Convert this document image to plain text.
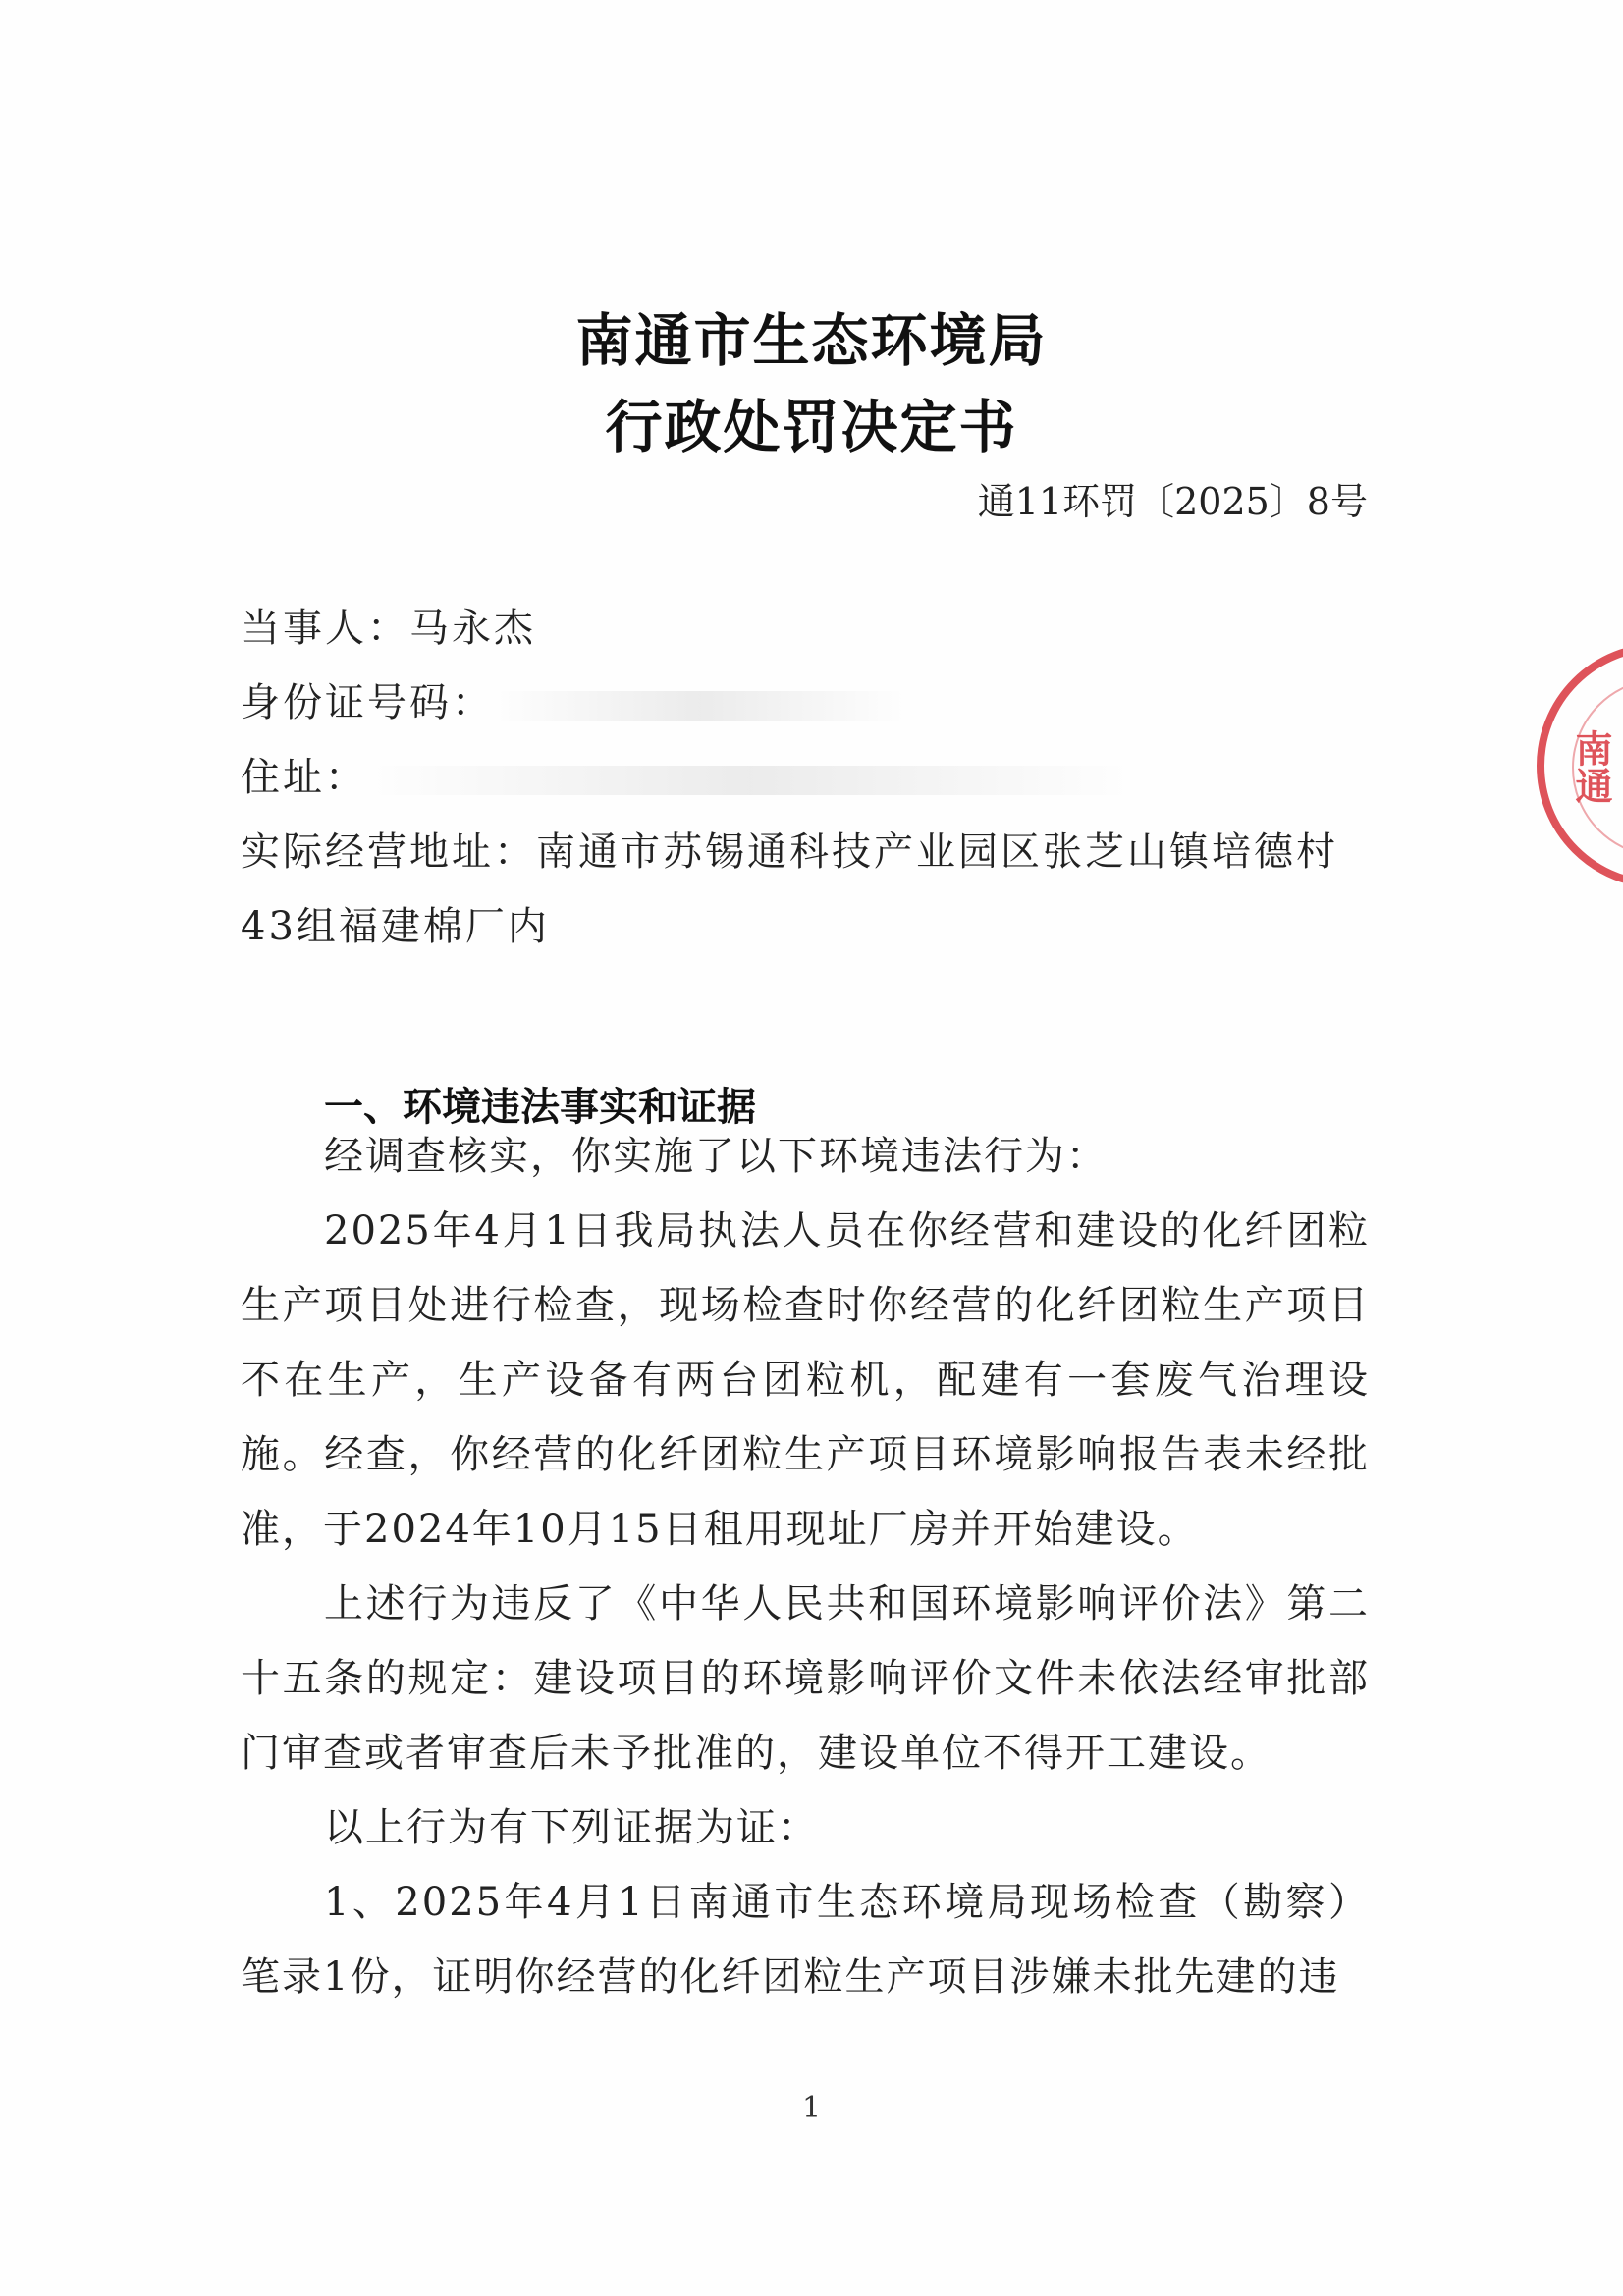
南通市生态环境局
行政处罚决定书
通11环罚〔2025〕8号
当事人：马永杰
身份证号码：
住址：
实际经营地址：南通市苏锡通科技产业园区张芝山镇培德村
43组福建棉厂内
一、环境违法事实和证据

经调查核实，你实施了以下环境违法行为：

2025年4月1日我局执法人员在你经营和建设的化纤团粒生产项目处进行检查，现场检查时你经营的化纤团粒生产项目不在生产，生产设备有两台团粒机，配建有一套废气治理设施。经查，你经营的化纤团粒生产项目环境影响报告表未经批准，于2024年10月15日租用现址厂房并开始建设。

上述行为违反了《中华人民共和国环境影响评价法》第二十五条的规定：建设项目的环境影响评价文件未依法经审批部门审查或者审查后未予批准的，建设单位不得开工建设。

以上行为有下列证据为证：

1、2025年4月1日南通市生态环境局现场检查（勘察）笔录1份，证明你经营的化纤团粒生产项目涉嫌未批先建的违

1
南通
